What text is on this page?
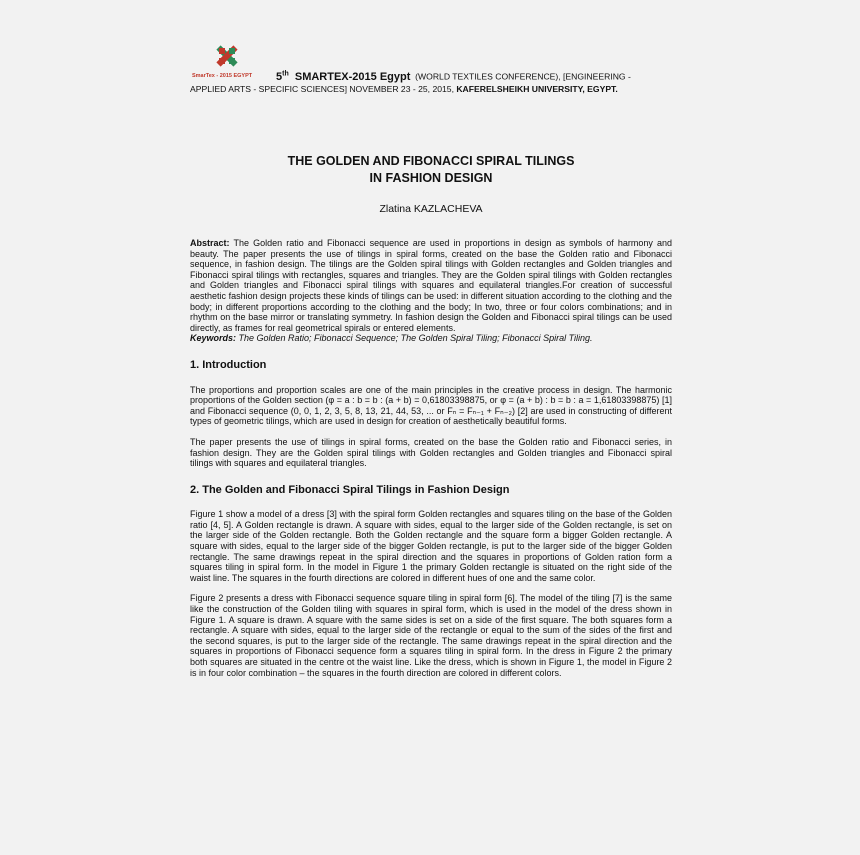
SmarTex - 2015 EGYPT 5th SMARTEX-2015 Egypt (WORLD TEXTILES CONFERENCE), [ENGINEERING -
APPLIED ARTS - SPECIFIC SCIENCES] NOVEMBER 23 - 25, 2015, KAFERELSHEIKH UNIVERSITY, EGYPT.
THE GOLDEN AND FIBONACCI SPIRAL TILINGS
IN FASHION DESIGN
Zlatina KAZLACHEVA

Abstract: The Golden ratio and Fibonacci sequence are used in proportions in design as symbols of harmony and beauty. The paper presents the use of tilings in spiral forms, created on the base the Golden ratio and Fibonacci sequence, in fashion design. The tilings are the Golden spiral tilings with Golden rectangles and Golden triangles and Fibonacci spiral tilings with rectangles, squares and triangles. They are the Golden spiral tilings with Golden rectangles and Golden triangles and Fibonacci spiral tilings with squares and equilateral triangles.For creation of successful aesthetic fashion design projects these kinds of tilings can be used: in different situation according to the clothing and the body; in different proportions according to the clothing and the body; In two, three or four colors combinations; and in rhythm on the base mirror or translating symmetry. In fashion design the Golden and Fibonacci spiral tilings can be used directly, as frames for real geometrical spirals or entered elements.

Keywords: The Golden Ratio; Fibonacci Sequence; The Golden Spiral Tiling; Fibonacci Spiral Tiling.

1. Introduction

The proportions and proportion scales are one of the main principles in the creative process in design. The harmonic proportions of the Golden section (φ = a : b = b : (a + b) = 0,61803398875, or φ = (a + b) : b = b : a = 1,61803398875) [1] and Fibonacci sequence (0, 0, 1, 2, 3, 5, 8, 13, 21, 44, 53, ... or Fₙ = Fₙ₋₁ + Fₙ₋₂) [2] are used in constructing of different types of geometric tilings, which are used in design for creation of aesthetically beautiful forms.

The paper presents the use of tilings in spiral forms, created on the base the Golden ratio and Fibonacci series, in fashion design. They are the Golden spiral tilings with Golden rectangles and Golden triangles and Fibonacci spiral tilings with squares and equilateral triangles.

2. The Golden and Fibonacci Spiral Tilings in Fashion Design

Figure 1 show a model of a dress [3] with the spiral form Golden rectangles and squares tiling on the base of the Golden ratio [4, 5]. A Golden rectangle is drawn. A square with sides, equal to the larger side of the Golden rectangle, is set on the larger side of the Golden rectangle. Both the Golden rectangle and the square form a bigger Golden rectangle. A square with sides, equal to the larger side of the bigger Golden rectangle, is put to the larger side of the bigger Golden rectangle. The same drawings repeat in the spiral direction and the squares in proportions of Golden ration form a squares tiling in spiral form. In the model in Figure 1 the primary Golden rectangle is situated on the right side of the waist line. The squares in the fourth directions are colored in different hues of one and the same color.

Figure 2 presents a dress with Fibonacci sequence square tiling in spiral form [6]. The model of the tiling [7] is the same like the construction of the Golden tiling with squares in spiral form, which is used in the model of the dress shown in Figure 1. A square is drawn. A square with the same sides is set on a side of the first square. The both squares form a rectangle. A square with sides, equal to the larger side of the rectangle or equal to the sum of the sides of the first and the second squares, is put to the larger side of the rectangle. The same drawings repeat in the spiral direction and the squares in proportions of Fibonacci sequence form a squares tiling in spiral form. In the dress in Figure 2 the primary both squares are situated in the centre ot the waist line. Like the dress, which is shown in Figure 1, the model in Figure 2 is in four color combination – the squares in the fourth direction are colored in different colors.
